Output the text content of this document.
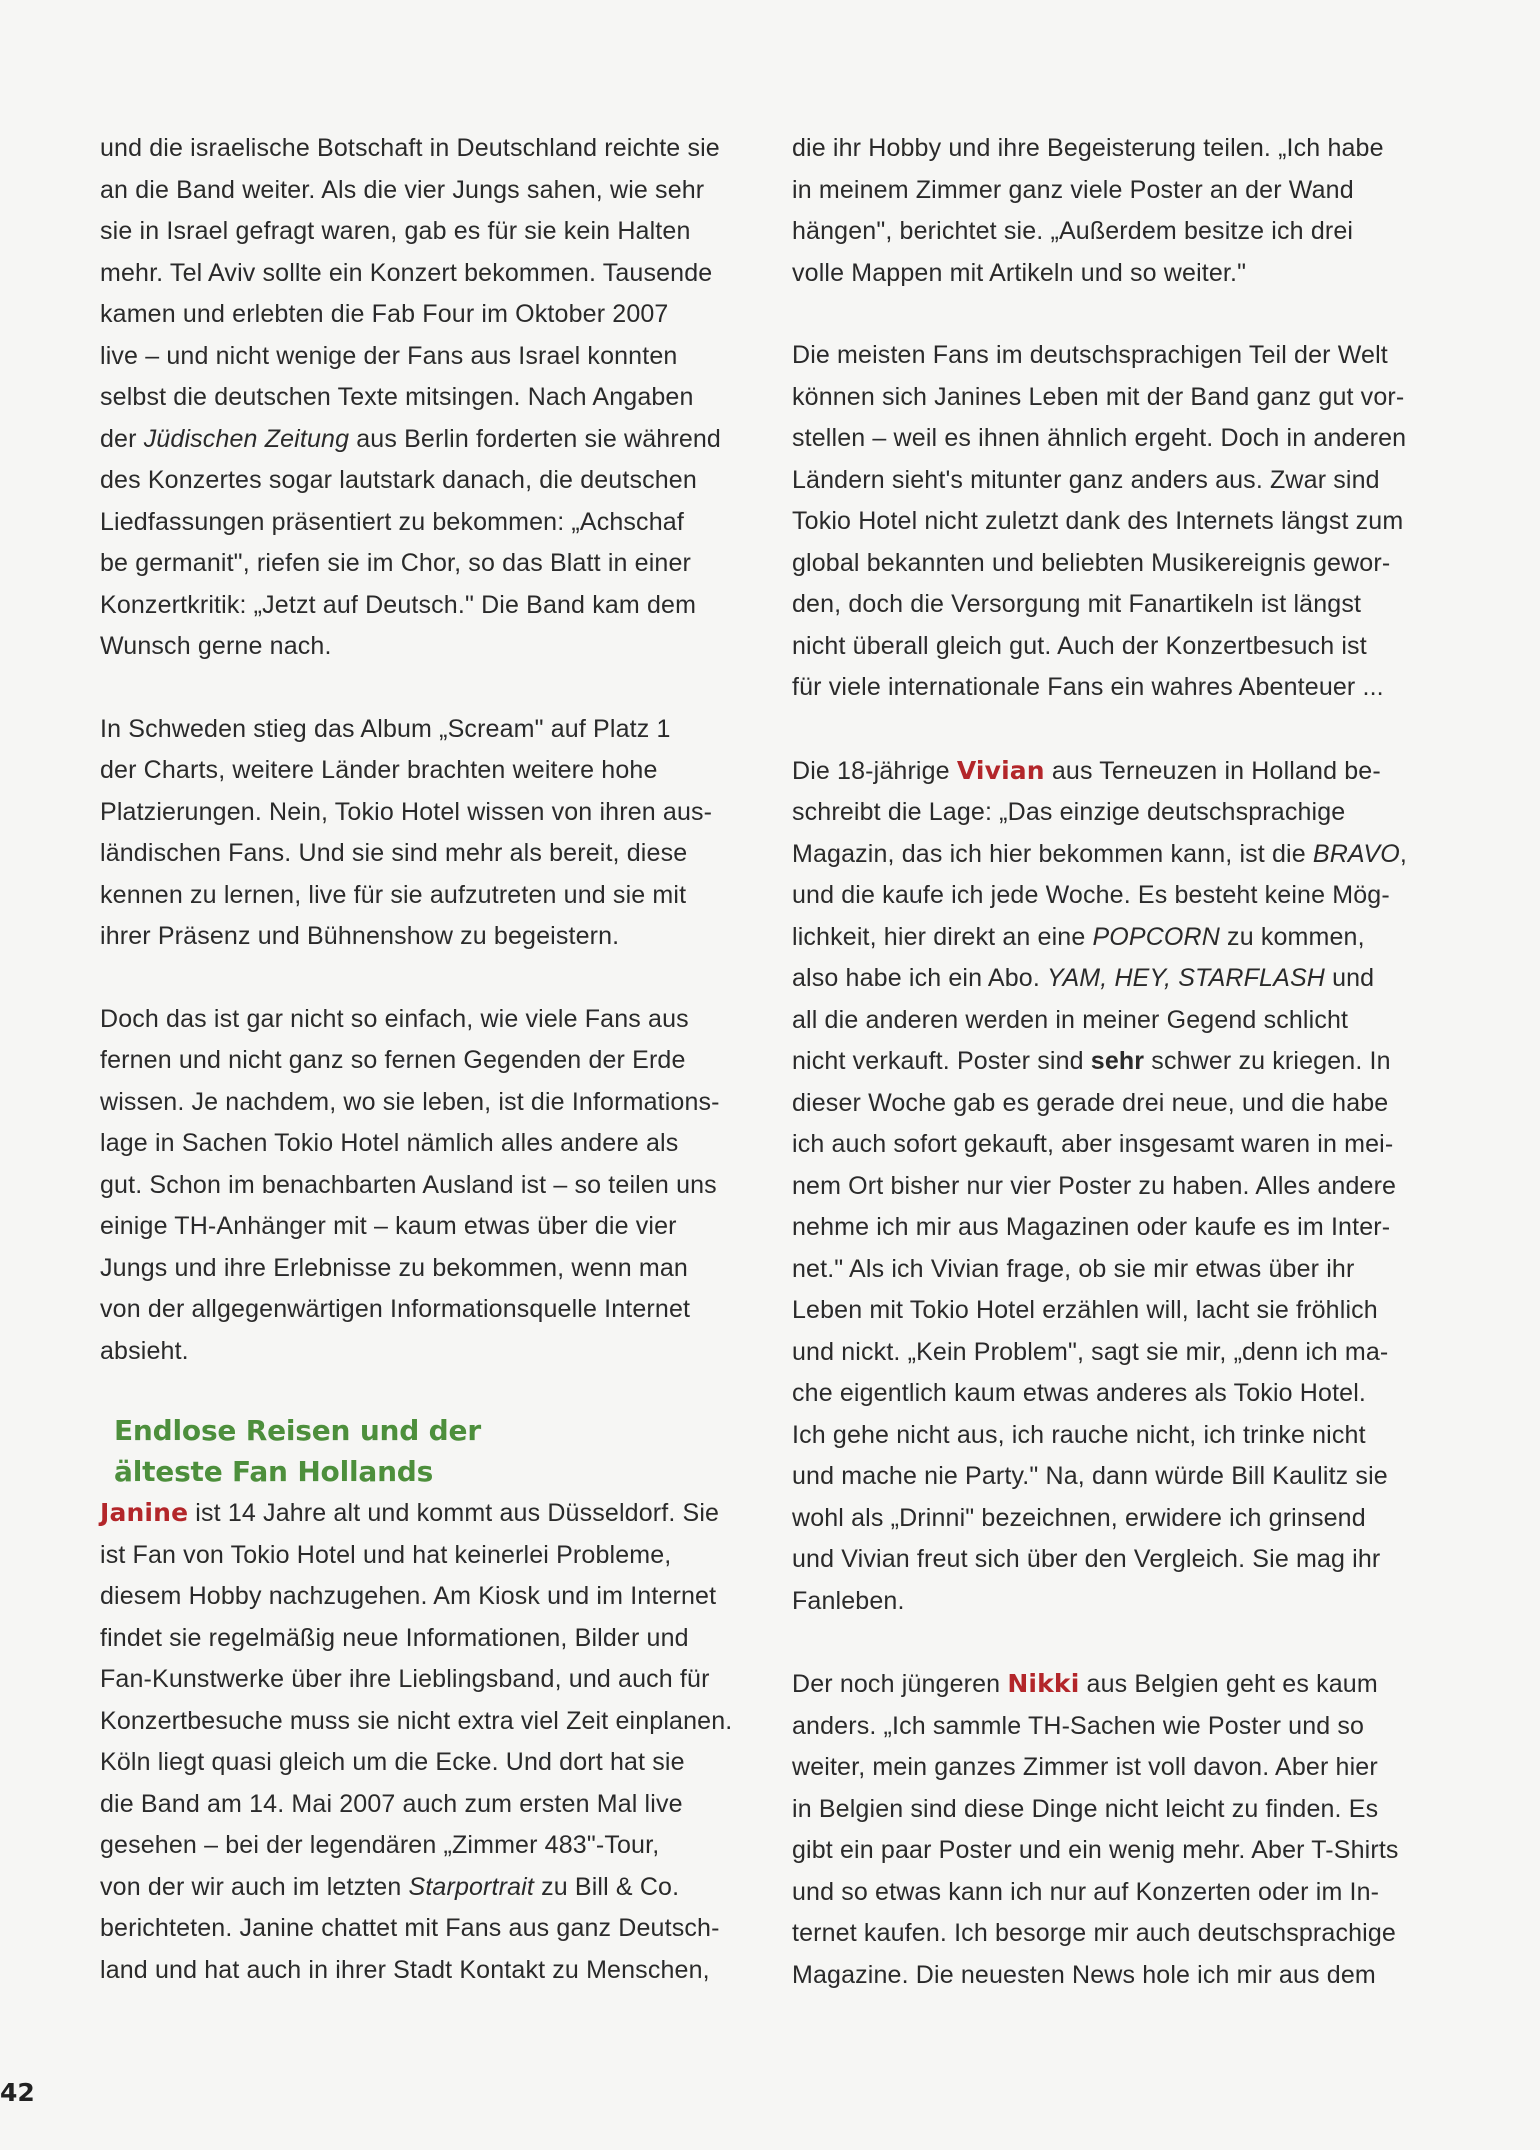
und die israelische Botschaft in Deutschland reichte sie
an die Band weiter. Als die vier Jungs sahen, wie sehr
sie in Israel gefragt waren, gab es für sie kein Halten
mehr. Tel Aviv sollte ein Konzert bekommen. Tausende
kamen und erlebten die Fab Four im Oktober 2007
live – und nicht wenige der Fans aus Israel konnten
selbst die deutschen Texte mitsingen. Nach Angaben
der Jüdischen Zeitung aus Berlin forderten sie während
des Konzertes sogar lautstark danach, die deutschen
Liedfassungen präsentiert zu bekommen: „Achschaf
be germanit", riefen sie im Chor, so das Blatt in einer
Konzertkritik: „Jetzt auf Deutsch." Die Band kam dem
Wunsch gerne nach.

In Schweden stieg das Album „Scream" auf Platz 1
der Charts, weitere Länder brachten weitere hohe
Platzierungen. Nein, Tokio Hotel wissen von ihren aus-
ländischen Fans. Und sie sind mehr als bereit, diese
kennen zu lernen, live für sie aufzutreten und sie mit
ihrer Präsenz und Bühnenshow zu begeistern.

Doch das ist gar nicht so einfach, wie viele Fans aus
fernen und nicht ganz so fernen Gegenden der Erde
wissen. Je nachdem, wo sie leben, ist die Informations-
lage in Sachen Tokio Hotel nämlich alles andere als
gut. Schon im benachbarten Ausland ist – so teilen uns
einige TH-Anhänger mit – kaum etwas über die vier
Jungs und ihre Erlebnisse zu bekommen, wenn man
von der allgegenwärtigen Informationsquelle Internet
absieht.

Endlose Reisen und der
älteste Fan Hollands

Janine ist 14 Jahre alt und kommt aus Düsseldorf. Sie
ist Fan von Tokio Hotel und hat keinerlei Probleme,
diesem Hobby nachzugehen. Am Kiosk und im Internet
findet sie regelmäßig neue Informationen, Bilder und
Fan-Kunstwerke über ihre Lieblingsband, und auch für
Konzertbesuche muss sie nicht extra viel Zeit einplanen.
Köln liegt quasi gleich um die Ecke. Und dort hat sie
die Band am 14. Mai 2007 auch zum ersten Mal live
gesehen – bei der legendären „Zimmer 483"-Tour,
von der wir auch im letzten Starportrait zu Bill & Co.
berichteten. Janine chattet mit Fans aus ganz Deutsch-
land und hat auch in ihrer Stadt Kontakt zu Menschen,

die ihr Hobby und ihre Begeisterung teilen. „Ich habe
in meinem Zimmer ganz viele Poster an der Wand
hängen", berichtet sie. „Außerdem besitze ich drei
volle Mappen mit Artikeln und so weiter."

Die meisten Fans im deutschsprachigen Teil der Welt
können sich Janines Leben mit der Band ganz gut vor-
stellen – weil es ihnen ähnlich ergeht. Doch in anderen
Ländern sieht's mitunter ganz anders aus. Zwar sind
Tokio Hotel nicht zuletzt dank des Internets längst zum
global bekannten und beliebten Musikereignis gewor-
den, doch die Versorgung mit Fanartikeln ist längst
nicht überall gleich gut. Auch der Konzertbesuch ist
für viele internationale Fans ein wahres Abenteuer ...

Die 18-jährige Vivian aus Terneuzen in Holland be-
schreibt die Lage: „Das einzige deutschsprachige
Magazin, das ich hier bekommen kann, ist die BRAVO,
und die kaufe ich jede Woche. Es besteht keine Mög-
lichkeit, hier direkt an eine POPCORN zu kommen,
also habe ich ein Abo. YAM, HEY, STARFLASH und
all die anderen werden in meiner Gegend schlicht
nicht verkauft. Poster sind sehr schwer zu kriegen. In
dieser Woche gab es gerade drei neue, und die habe
ich auch sofort gekauft, aber insgesamt waren in mei-
nem Ort bisher nur vier Poster zu haben. Alles andere
nehme ich mir aus Magazinen oder kaufe es im Inter-
net." Als ich Vivian frage, ob sie mir etwas über ihr
Leben mit Tokio Hotel erzählen will, lacht sie fröhlich
und nickt. „Kein Problem", sagt sie mir, „denn ich ma-
che eigentlich kaum etwas anderes als Tokio Hotel.
Ich gehe nicht aus, ich rauche nicht, ich trinke nicht
und mache nie Party." Na, dann würde Bill Kaulitz sie
wohl als „Drinni" bezeichnen, erwidere ich grinsend
und Vivian freut sich über den Vergleich. Sie mag ihr
Fanleben.

Der noch jüngeren Nikki aus Belgien geht es kaum
anders. „Ich sammle TH-Sachen wie Poster und so
weiter, mein ganzes Zimmer ist voll davon. Aber hier
in Belgien sind diese Dinge nicht leicht zu finden. Es
gibt ein paar Poster und ein wenig mehr. Aber T-Shirts
und so etwas kann ich nur auf Konzerten oder im In-
ternet kaufen. Ich besorge mir auch deutschsprachige
Magazine. Die neuesten News hole ich mir aus dem

42
